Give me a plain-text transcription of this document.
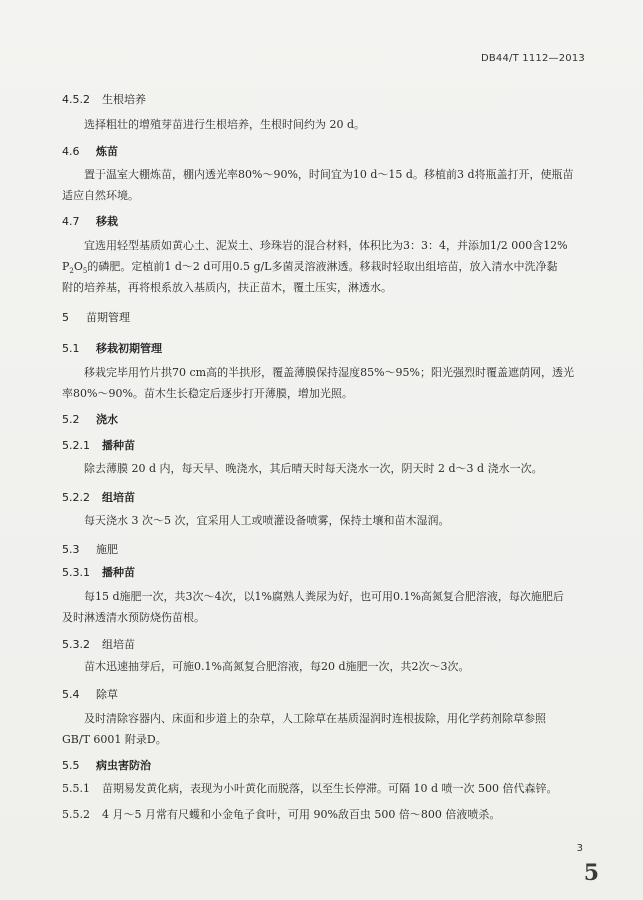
DB44/T 1112—2013
4.5.2 生根培养
选择粗壮的增殖芽苗进行生根培养，生根时间约为 20 d。
4.6 炼苗
置于温室大棚炼苗，棚内透光率80%～90%，时间宜为10 d～15 d。移植前3 d将瓶盖打开，使瓶苗
适应自然环境。
4.7 移栽
宜选用轻型基质如黄心土、泥炭土、珍珠岩的混合材料，体积比为3：3：4，并添加1/2 000含12%
$P_2O_5$的磷肥。定植前1 d～2 d可用0.5 g/L多菌灵溶液淋透。移栽时轻取出组培苗，放入清水中洗净黏
附的培养基，再将根系放入基质内，扶正苗木，覆土压实，淋透水。
5 苗期管理
5.1 移栽初期管理
移栽完毕用竹片拱70 cm高的半拱形，覆盖薄膜保持湿度85%～95%；阳光强烈时覆盖遮荫网，透光
率80%～90%。苗木生长稳定后逐步打开薄膜，增加光照。
5.2 浇水
5.2.1 播种苗
除去薄膜 20 d 内，每天早、晚浇水，其后晴天时每天浇水一次，阴天时 2 d～3 d 浇水一次。
5.2.2 组培苗
每天浇水 3 次～5 次，宜采用人工或喷灌设备喷雾，保持土壤和苗木湿润。
5.3 施肥
5.3.1 播种苗
每15 d施肥一次，共3次～4次，以1%腐熟人粪尿为好，也可用0.1%高氮复合肥溶液，每次施肥后
及时淋透清水预防烧伤苗根。
5.3.2 组培苗
苗木迅速抽芽后，可施0.1%高氮复合肥溶液，每20 d施肥一次，共2次～3次。
5.4 除草
及时清除容器内、床面和步道上的杂草，人工除草在基质湿润时连根拔除，用化学药剂除草参照
GB/T 6001 附录D。
5.5 病虫害防治
5.5.1 苗期易发黄化病，表现为小叶黄化而脱落，以至生长停滞。可隔 10 d 喷一次 500 倍代森锌。
5.5.2 4 月～5 月常有尺蠖和小金龟子食叶，可用 90%敌百虫 500 倍～800 倍液喷杀。
3
5
